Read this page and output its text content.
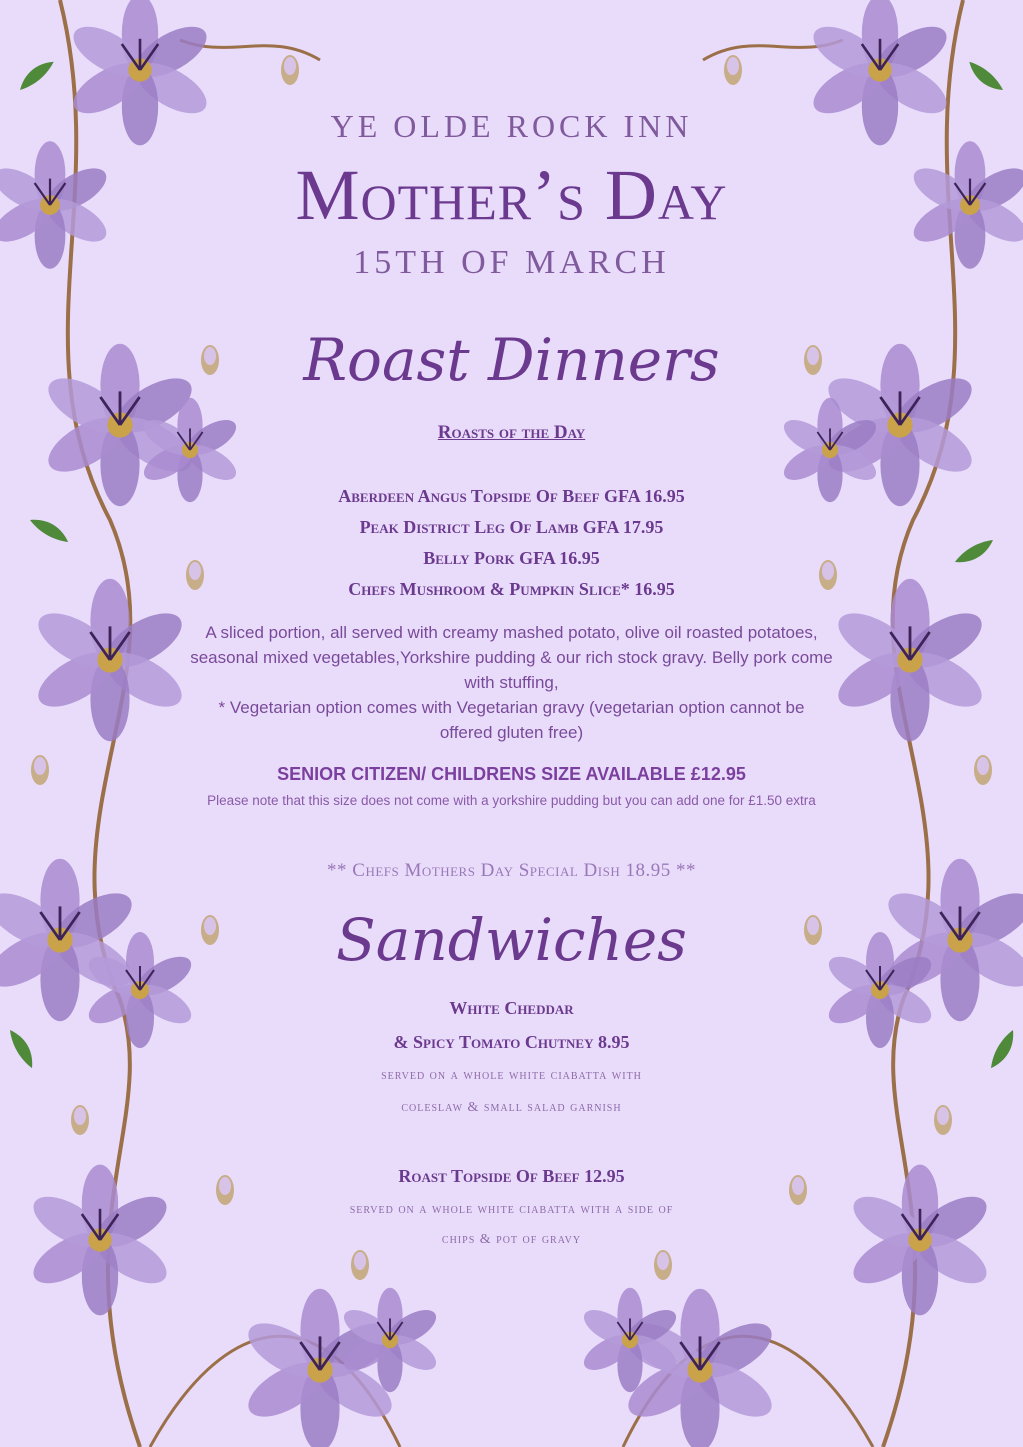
YE OLDE ROCK INN
Mother’s Day
15TH OF MARCH
Roast Dinners
Roasts of the Day
Aberdeen Angus Topside Of Beef GFA 16.95
Peak District Leg Of Lamb GFA 17.95
Belly Pork GFA 16.95
Chefs Mushroom & Pumpkin Slice* 16.95
A sliced portion, all served with creamy mashed potato, olive oil roasted potatoes, seasonal mixed vegetables,Yorkshire pudding & our rich stock gravy. Belly pork come with stuffing,
* Vegetarian option comes with Vegetarian gravy (vegetarian option cannot be offered gluten free)
SENIOR CITIZEN/ CHILDRENS SIZE AVAILABLE £12.95
Please note that this size does not come with a yorkshire pudding but you can add one for £1.50 extra
** Chefs Mothers Day Special Dish 18.95 **
Sandwiches
White Cheddar
& Spicy Tomato Chutney 8.95
served on a whole white ciabatta with
coleslaw & small salad garnish
Roast Topside Of Beef 12.95
served on a whole white ciabatta with a side of
chips & pot of gravy
